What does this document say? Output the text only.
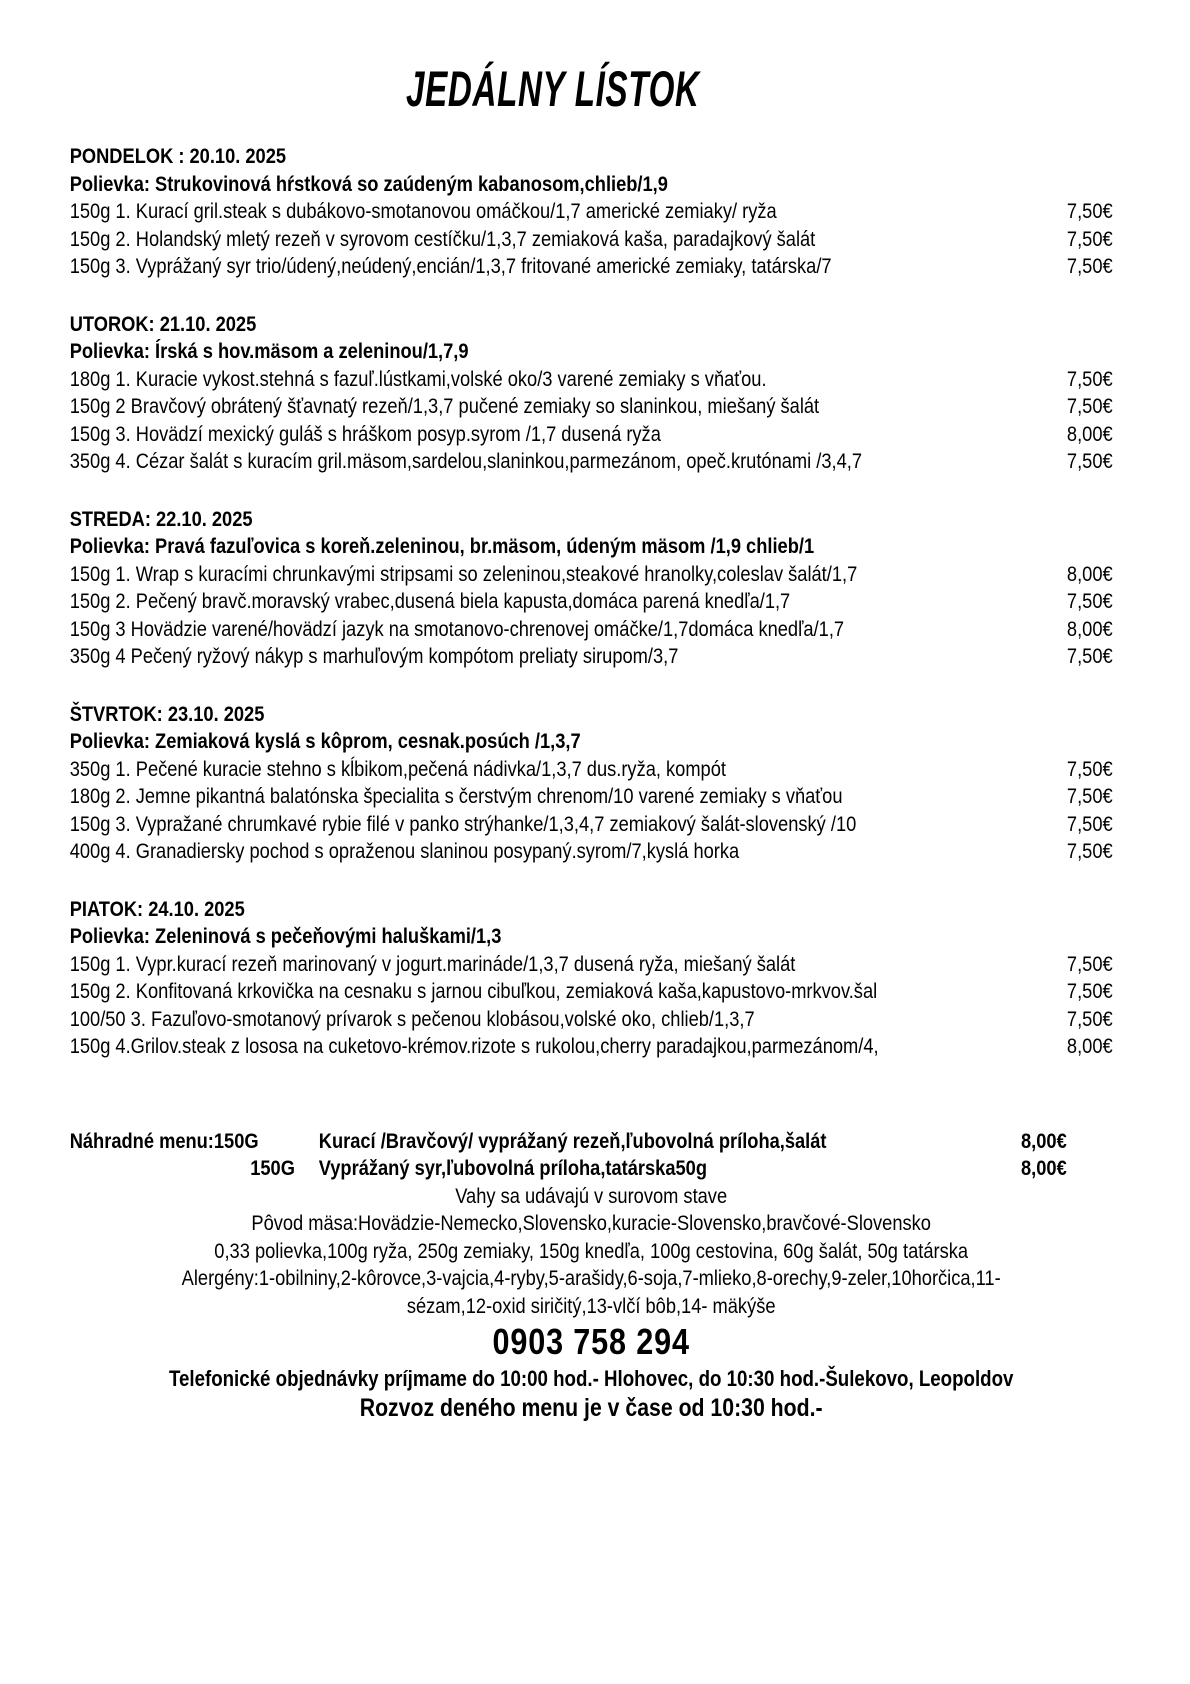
JEDÁLNY LÍSTOK
PONDELOK : 20.10. 2025
Polievka: Strukovinová hŕstková so zaúdeným kabanosom,chlieb/1,9
150g 1. Kurací gril.steak s dubákovo-smotanovou omáčkou/1,7 americké zemiaky/ ryža	7,50€
150g 2. Holandský mletý rezeň v syrovom cestíčku/1,3,7 zemiaková kaša, paradajkový šalát	7,50€
150g 3. Vyprážaný syr trio/údený,neúdený,encián/1,3,7 fritované americké zemiaky, tatárska/7	7,50€
UTOROK: 21.10. 2025
Polievka: Írská s hov.mäsom a zeleninou/1,7,9
180g 1. Kuracie vykost.stehná s fazuľ.lústkami,volské oko/3 varené zemiaky s vňaťou.	7,50€
150g 2 Bravčový obrátený šťavnatý rezeň/1,3,7 pučené zemiaky so slaninkou, miešaný šalát	7,50€
150g 3. Hovädzí mexický guláš s hráškom posyp.syrom /1,7 dusená ryža	8,00€
350g 4. Cézar šalát s kuracím gril.mäsom,sardelou,slaninkou,parmezánom, opeč.krutónami /3,4,7	7,50€
STREDA: 22.10. 2025
Polievka: Pravá fazuľovica s koreň.zeleninou, br.mäsom, údeným mäsom /1,9 chlieb/1
150g 1. Wrap s kuracími chrunkavými stripsami so zeleninou,steakové hranolky,coleslav šalát/1,7	8,00€
150g 2. Pečený bravč.moravský vrabec,dusená biela kapusta,domáca parená knedľa/1,7	7,50€
150g 3 Hovädzie varené/hovädzí jazyk na smotanovo-chrenovej omáčke/1,7domáca knedľa/1,7	8,00€
350g 4 Pečený ryžový nákyp s marhuľovým kompótom preliaty sirupom/3,7	7,50€
ŠTVRTOK: 23.10. 2025
Polievka: Zemiaková kyslá s kôprom, cesnak.posúch /1,3,7
350g 1. Pečené kuracie stehno s kĺbikom,pečená nádivka/1,3,7 dus.ryža, kompót	7,50€
180g 2. Jemne pikantná balatónska špecialita s čerstvým chrenom/10 varené zemiaky s vňaťou	7,50€
150g 3. Vypražané chrumkavé rybie filé v panko strýhanke/1,3,4,7 zemiakový šalát-slovenský /10	7,50€
400g 4. Granadiersky pochod s opraženou slaninou posypaný.syrom/7,kyslá horka	7,50€
PIATOK: 24.10. 2025
Polievka: Zeleninová s pečeňovými haluškami/1,3
150g 1. Vypr.kurací rezeň marinovaný v jogurt.marináde/1,3,7 dusená ryža, miešaný šalát	7,50€
150g 2. Konfitovaná krkovička na cesnaku s jarnou cibuľkou, zemiaková kaša,kapustovo-mrkvov.šal	7,50€
100/50 3. Fazuľovo-smotanový prívarok s pečenou klobásou,volské oko, chlieb/1,3,7	7,50€
150g 4.Grilov.steak z lososa na cuketovo-krémov.rizote s rukolou,cherry paradajkou,parmezánom/4,	8,00€
Náhradné menu:150G	Kurací /Bravčový/ vyprážaný rezeň,ľubovolná príloha,šalát	8,00€
150G Vyprážaný syr,ľubovolná príloha,tatárska50g	8,00€
Vahy sa udávajú v surovom stave
Pôvod mäsa:Hovädzie-Nemecko,Slovensko,kuracie-Slovensko,bravčové-Slovensko
0,33 polievka,100g ryža, 250g zemiaky, 150g knedľa, 100g cestovina, 60g šalát, 50g tatárska
Alergény:1-obilniny,2-kôrovce,3-vajcia,4-ryby,5-arašidy,6-soja,7-mlieko,8-orechy,9-zeler,10horčica,11-
sézam,12-oxid siričitý,13-vlčí bôb,14- mäkýše
0903 758 294
Telefonické objednávky príjmame do 10:00 hod.- Hlohovec, do 10:30 hod.-Šulekovo, Leopoldov
Rozvoz deného menu je v čase od 10:30 hod.-
